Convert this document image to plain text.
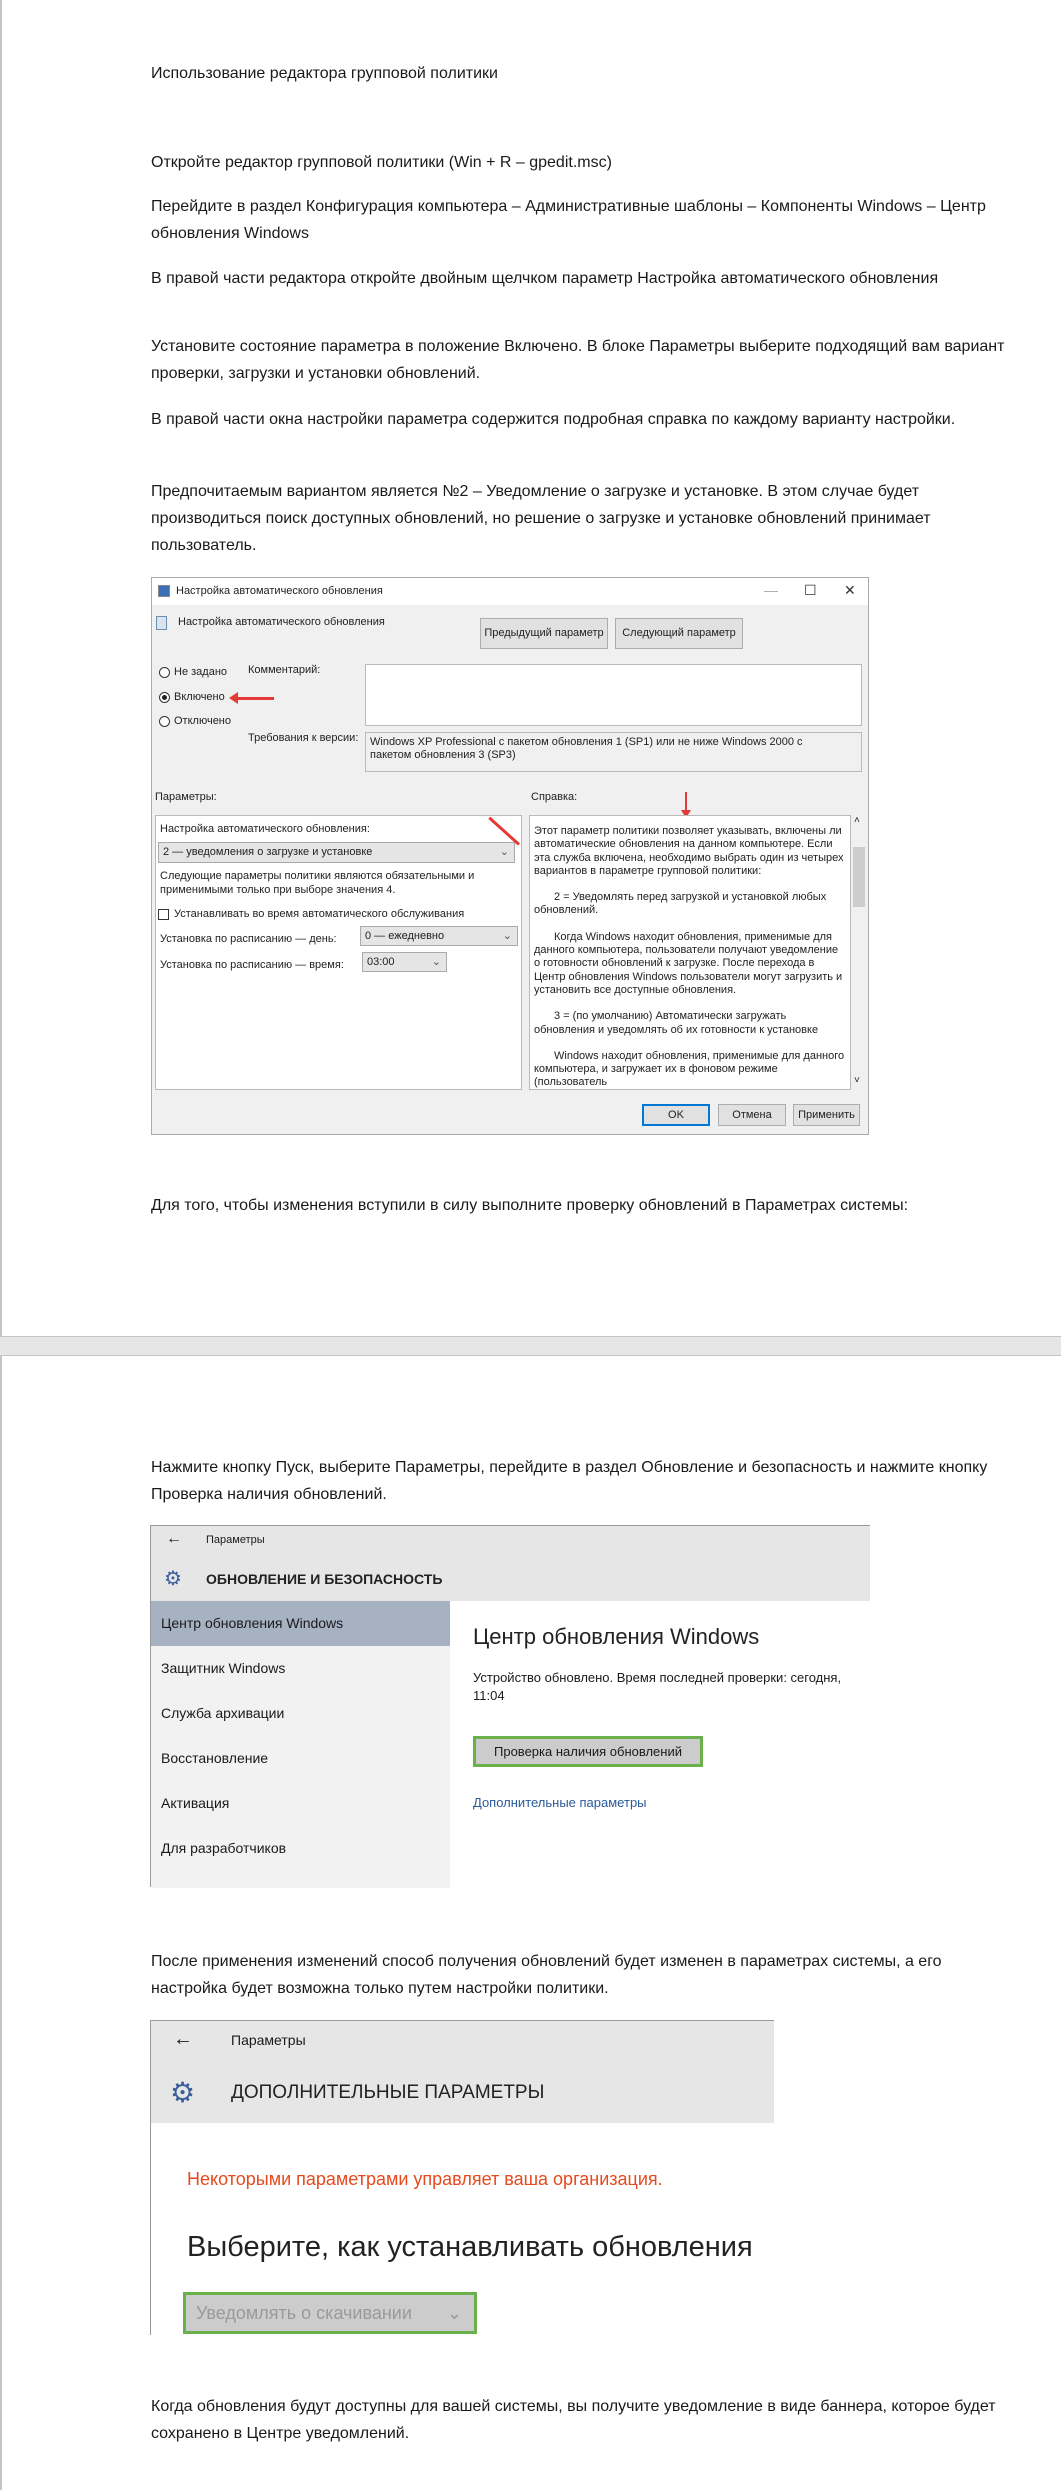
Использование редактора групповой политики
Откройте редактор групповой политики (Win + R – gpedit.msc)
Перейдите в раздел Конфигурация компьютера – Административные шаблоны – Компоненты Windows – Центр обновления Windows
В правой части редактора откройте двойным щелчком параметр Настройка автоматического обновления
Установите состояние параметра в положение Включено. В блоке Параметры выберите подходящий вам вариант проверки, загрузки и установки обновлений.
В правой части окна настройки параметра содержится подробная справка по каждому варианту настройки.
Предпочитаемым вариантом является №2 – Уведомление о загрузке и установке. В этом случае будет производиться поиск доступных обновлений, но решение о загрузке и установке обновлений принимает пользователь.
Настройка автоматического обновления	— ☐ ✕
Настройка автоматического обновления
Предыдущий параметр	Следующий параметр
Не задано
Включено
Отключено
Комментарий:
Требования к версии:	Windows XP Professional с пакетом обновления 1 (SP1) или не ниже Windows 2000 с пакетом обновления 3 (SP3)
Параметры:	Справка:
Настройка автоматического обновления:
2 — уведомления о загрузке и установке	⌄
Следующие параметры политики являются обязательными и применимыми только при выборе значения 4.
Устанавливать во время автоматического обслуживания
Установка по расписанию — день:	0 — ежедневно	⌄
Установка по расписанию — время:	03:00	⌄

Этот параметр политики позволяет указывать, включены ли автоматические обновления на данном компьютере. Если эта служба включена, необходимо выбрать один из четырех вариантов в параметре групповой политики:

2 = Уведомлять перед загрузкой и установкой любых обновлений.

Когда Windows находит обновления, применимые для данного компьютера, пользователи получают уведомление о готовности обновлений к загрузке. После перехода в Центр обновления Windows пользователи могут загрузить и установить все доступные обновления.

3 = (по умолчанию) Автоматически загружать обновления и уведомлять об их готовности к установке

Windows находит обновления, применимые для данного компьютера, и загружает их в фоновом режиме (пользователь

˄
˅
OK	Отмена	Применить
Для того, чтобы изменения вступили в силу выполните проверку обновлений в Параметрах системы:
Нажмите кнопку Пуск, выберите Параметры, перейдите в раздел Обновление и безопасность и нажмите кнопку Проверка наличия обновлений.
← Параметры
⚙ ОБНОВЛЕНИЕ И БЕЗОПАСНОСТЬ
Центр обновления Windows
Защитник Windows
Служба архивации
Восстановление
Активация
Для разработчиков
Центр обновления Windows
Устройство обновлено. Время последней проверки: сегодня, 11:04
Проверка наличия обновлений
Дополнительные параметры
После применения изменений способ получения обновлений будет изменен в параметрах системы, а его настройка будет возможна только путем настройки политики.
←	Параметры
⚙ ДОПОЛНИТЕЛЬНЫЕ ПАРАМЕТРЫ
Некоторыми параметрами управляет ваша организация.
Выберите, как устанавливать обновления
Уведомлять о скачивании ⌄
Когда обновления будут доступны для вашей системы, вы получите уведомление в виде баннера, которое будет сохранено в Центре уведомлений.
